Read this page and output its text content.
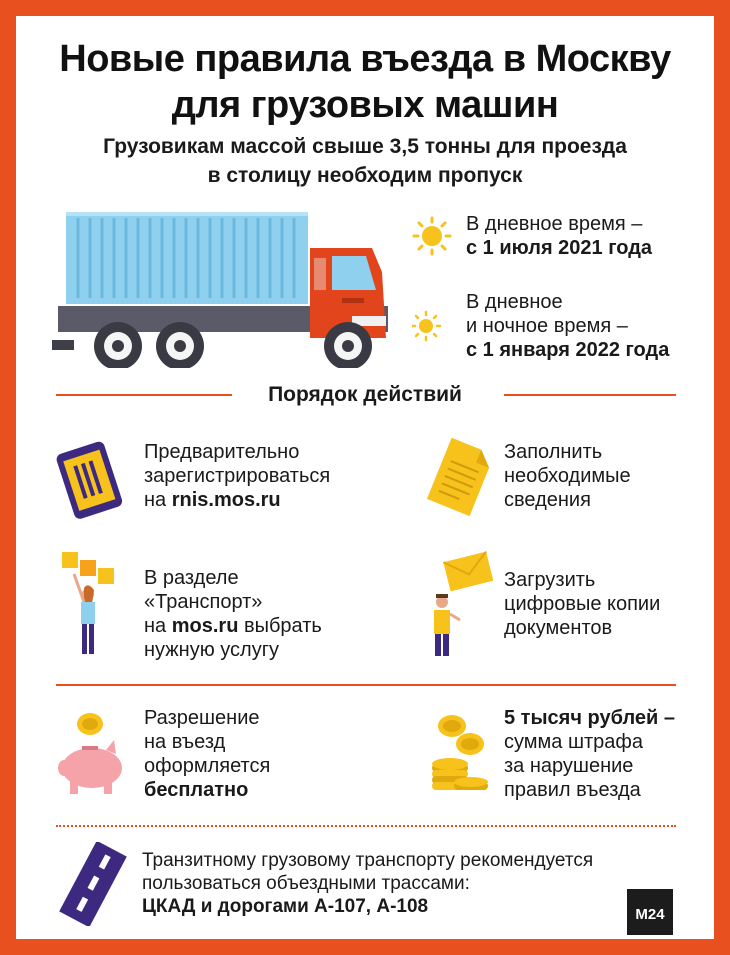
Новые правила въезда в Москву
для грузовых машин
Грузовикам массой свыше 3,5 тонны для проезда
в столицу необходим пропуск
В дневное время –
с 1 июля 2021 года
В дневное
и ночное время –
с 1 января 2022 года
Порядок действий
Предварительно
зарегистрироваться
на rnis.mos.ru
Заполнить
необходимые
сведения
В разделе
«Транспорт»
на mos.ru выбрать
нужную услугу
Загрузить
цифровые копии
документов
Разрешение
на въезд
оформляется
бесплатно
5 тысяч рублей –
сумма штрафа
за нарушение
правил въезда
Транзитному грузовому транспорту рекомендуется
пользоваться объездными трассами:
ЦКАД и дорогами А-107, А-108	M24
